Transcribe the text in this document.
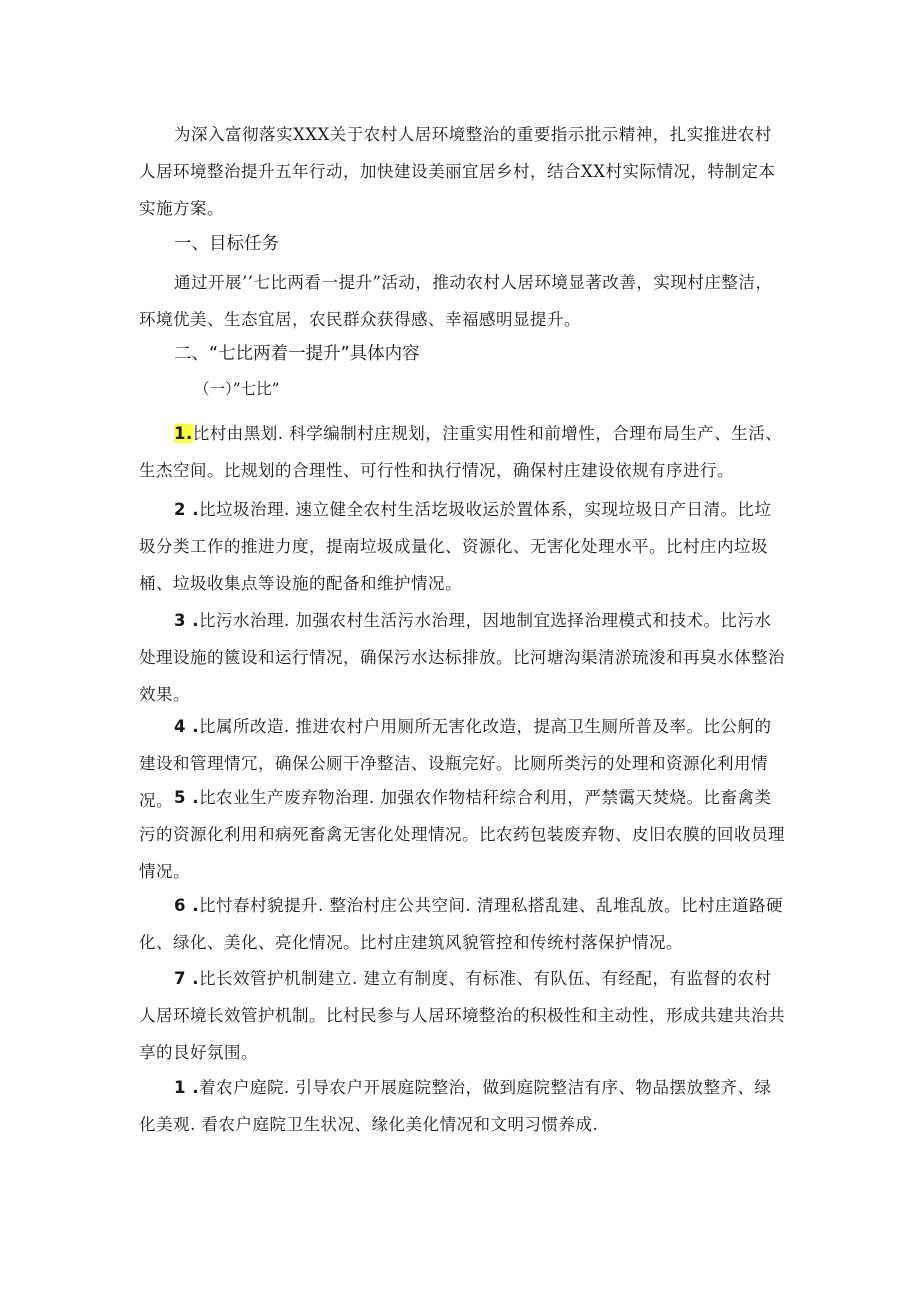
为深入富彻落实XXX关于农村人居环境整治的重要指示批示精神，扎实推进农村人居环境整治提升五年行动，加快建设美丽宜居乡村，结合XX村实际情况，特制定本实施方案。
一、目标任务
通过开展’’七比两看一提升”活动，推动农村人居环境显著改善，实现村庄整洁，环境优美、生态宜居，农民群众获得感、幸福感明显提升。
二、“七比两着一提升”具体内容
（一）”七比”
1.比村由黑划. 科学编制村庄规划，注重实用性和前增性，合理布局生产、生活、生杰空间。比规划的合理性、可行性和执行情况，确保村庄建设依规有序进行。
2 .比垃圾治理. 速立健全农村生活圪圾收运於置体系，实现垃圾日产日清。比垃圾分类工作的推进力度，提南垃圾成量化、资源化、无害化处理水平。比村庄内垃圾桶、垃圾收集点等设施的配备和维护情况。
3 .比污水治理. 加强农村生活污水治理，因地制宜选择治理模式和技术。比污水处理设施的篋设和运行情况，确保污水达标排放。比河塘沟渠清淤琉浚和再臭水体整治效果。
4 .比属所改造. 推进农村户用厕所无害化改造，提高卫生厕所普及率。比公舸的建设和管理情冗，确保公厕干净整洁、设瓶完好。比厕所类污的处理和资源化利用情况。 5 .比农业生产废弃物治理. 加强农作物桔秆综合利用，严禁霭天焚烧。比畜禽类污的资源化利用和病死畜禽无害化处理情况。比农药包装废弃物、皮旧农膜的回收员理情况。
6 .比忖春村貌提升. 整治村庄公共空间. 清理私搭乱建、乱堆乱放。比村庄道路硬化、绿化、美化、亮化情况。比村庄建筑风貌管控和传统村落保护情况。
7 .比长效管护机制建立. 建立有制度、有标准、有队伍、有经配，有监督的农村人居环境长效管护机制。比村民参与人居环境整治的积极性和主动性，形成共建共治共享的艮好氛围。
1 .着农户庭院. 引导农户开展庭院整治，做到庭院整洁有序、物品摆放整齐、绿化美观. 看农户庭院卫生状况、缘化美化情况和文明习惯养成.
